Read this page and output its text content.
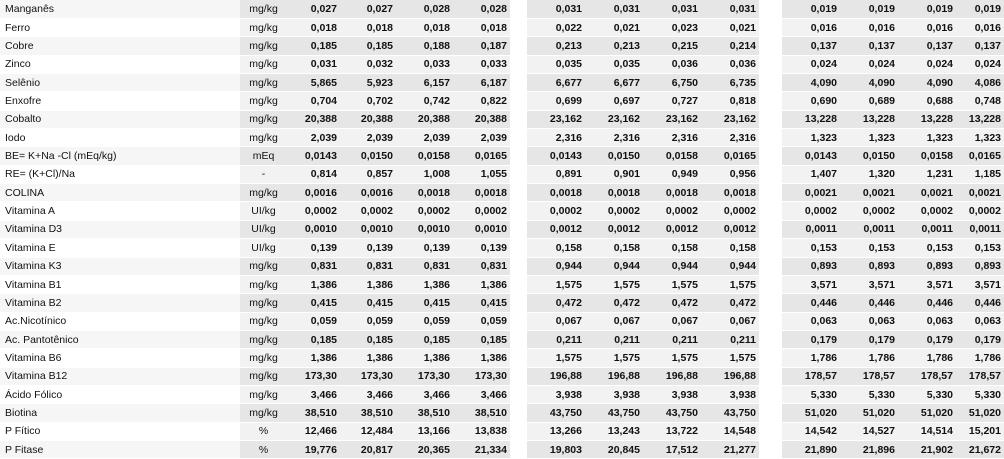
Manganês	mg/kg	0,027	0,027	0,028	0,028		0,031	0,031	0,031	0,031		0,019	0,019	0,019	0,019
Ferro	mg/kg	0,018	0,018	0,018	0,018		0,022	0,021	0,023	0,021		0,016	0,016	0,016	0,016
Cobre	mg/kg	0,185	0,185	0,188	0,187		0,213	0,213	0,215	0,214		0,137	0,137	0,137	0,137
Zinco	mg/kg	0,031	0,032	0,033	0,033		0,035	0,035	0,036	0,036		0,024	0,024	0,024	0,024
Selênio	mg/kg	5,865	5,923	6,157	6,187		6,677	6,677	6,750	6,735		4,090	4,090	4,090	4,086
Enxofre	mg/kg	0,704	0,702	0,742	0,822		0,699	0,697	0,727	0,818		0,690	0,689	0,688	0,748
Cobalto	mg/kg	20,388	20,388	20,388	20,388		23,162	23,162	23,162	23,162		13,228	13,228	13,228	13,228
Iodo	mg/kg	2,039	2,039	2,039	2,039		2,316	2,316	2,316	2,316		1,323	1,323	1,323	1,323
BE= K+Na -Cl (mEq/kg)	mEq	0,0143	0,0150	0,0158	0,0165		0,0143	0,0150	0,0158	0,0165		0,0143	0,0150	0,0158	0,0165
RE= (K+Cl)/Na	-	0,814	0,857	1,008	1,055		0,891	0,901	0,949	0,956		1,407	1,320	1,231	1,185
COLINA	mg/kg	0,0016	0,0016	0,0018	0,0018		0,0018	0,0018	0,0018	0,0018		0,0021	0,0021	0,0021	0,0021
Vitamina A	UI/kg	0,0002	0,0002	0,0002	0,0002		0,0002	0,0002	0,0002	0,0002		0,0002	0,0002	0,0002	0,0002
Vitamina D3	UI/kg	0,0010	0,0010	0,0010	0,0010		0,0012	0,0012	0,0012	0,0012		0,0011	0,0011	0,0011	0,0011
Vitamina E	UI/kg	0,139	0,139	0,139	0,139		0,158	0,158	0,158	0,158		0,153	0,153	0,153	0,153
Vitamina K3	mg/kg	0,831	0,831	0,831	0,831		0,944	0,944	0,944	0,944		0,893	0,893	0,893	0,893
Vitamina B1	mg/kg	1,386	1,386	1,386	1,386		1,575	1,575	1,575	1,575		3,571	3,571	3,571	3,571
Vitamina B2	mg/kg	0,415	0,415	0,415	0,415		0,472	0,472	0,472	0,472		0,446	0,446	0,446	0,446
Ac.Nicotínico	mg/kg	0,059	0,059	0,059	0,059		0,067	0,067	0,067	0,067		0,063	0,063	0,063	0,063
Ac. Pantotênico	mg/kg	0,185	0,185	0,185	0,185		0,211	0,211	0,211	0,211		0,179	0,179	0,179	0,179
Vitamina B6	mg/kg	1,386	1,386	1,386	1,386		1,575	1,575	1,575	1,575		1,786	1,786	1,786	1,786
Vitamina B12	mg/kg	173,30	173,30	173,30	173,30		196,88	196,88	196,88	196,88		178,57	178,57	178,57	178,57
Ácido Fólico	mg/kg	3,466	3,466	3,466	3,466		3,938	3,938	3,938	3,938		5,330	5,330	5,330	5,330
Biotina	mg/kg	38,510	38,510	38,510	38,510		43,750	43,750	43,750	43,750		51,020	51,020	51,020	51,020
P Fítico	%	12,466	12,484	13,166	13,838		13,266	13,243	13,722	14,548		14,542	14,527	14,514	15,201
P Fitase	%	19,776	20,817	20,365	21,334		19,803	20,845	17,512	21,277		21,890	21,896	21,902	21,672
